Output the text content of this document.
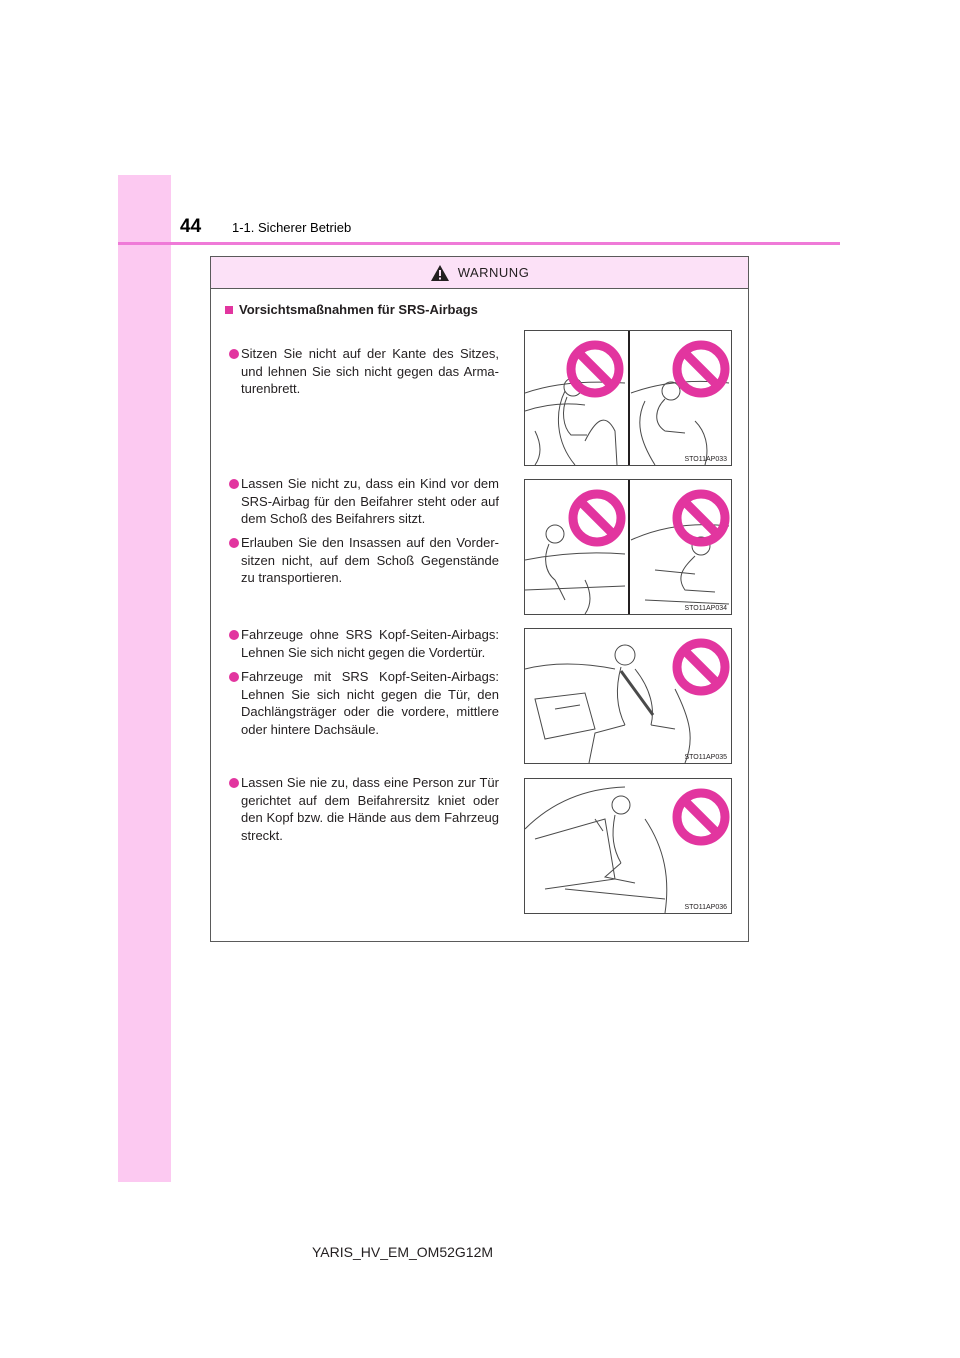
44 1-1. Sicherer Betrieb
WARNUNG
Vorsichtsmaßnahmen für SRS-Airbags
Sitzen Sie nicht auf der Kante des Sitzes, und lehnen Sie sich nicht gegen das Arma-turenbrett.
Lassen Sie nicht zu, dass ein Kind vor dem SRS-Airbag für den Beifahrer steht oder auf dem Schoß des Beifahrers sitzt.
Erlauben Sie den Insassen auf den Vorder-sitzen nicht, auf dem Schoß Gegenstände zu transportieren.
Fahrzeuge ohne SRS Kopf-Seiten-Airbags: Lehnen Sie sich nicht gegen die Vordertür.
Fahrzeuge mit SRS Kopf-Seiten-Airbags: Lehnen Sie sich nicht gegen die Tür, den Dachlängsträger oder die vordere, mittlere oder hintere Dachsäule.
Lassen Sie nie zu, dass eine Person zur Tür gerichtet auf dem Beifahrersitz kniet oder den Kopf bzw. die Hände aus dem Fahrzeug streckt.
STO11AP033
STO11AP034
STO11AP035
STO11AP036
YARIS_HV_EM_OM52G12M
